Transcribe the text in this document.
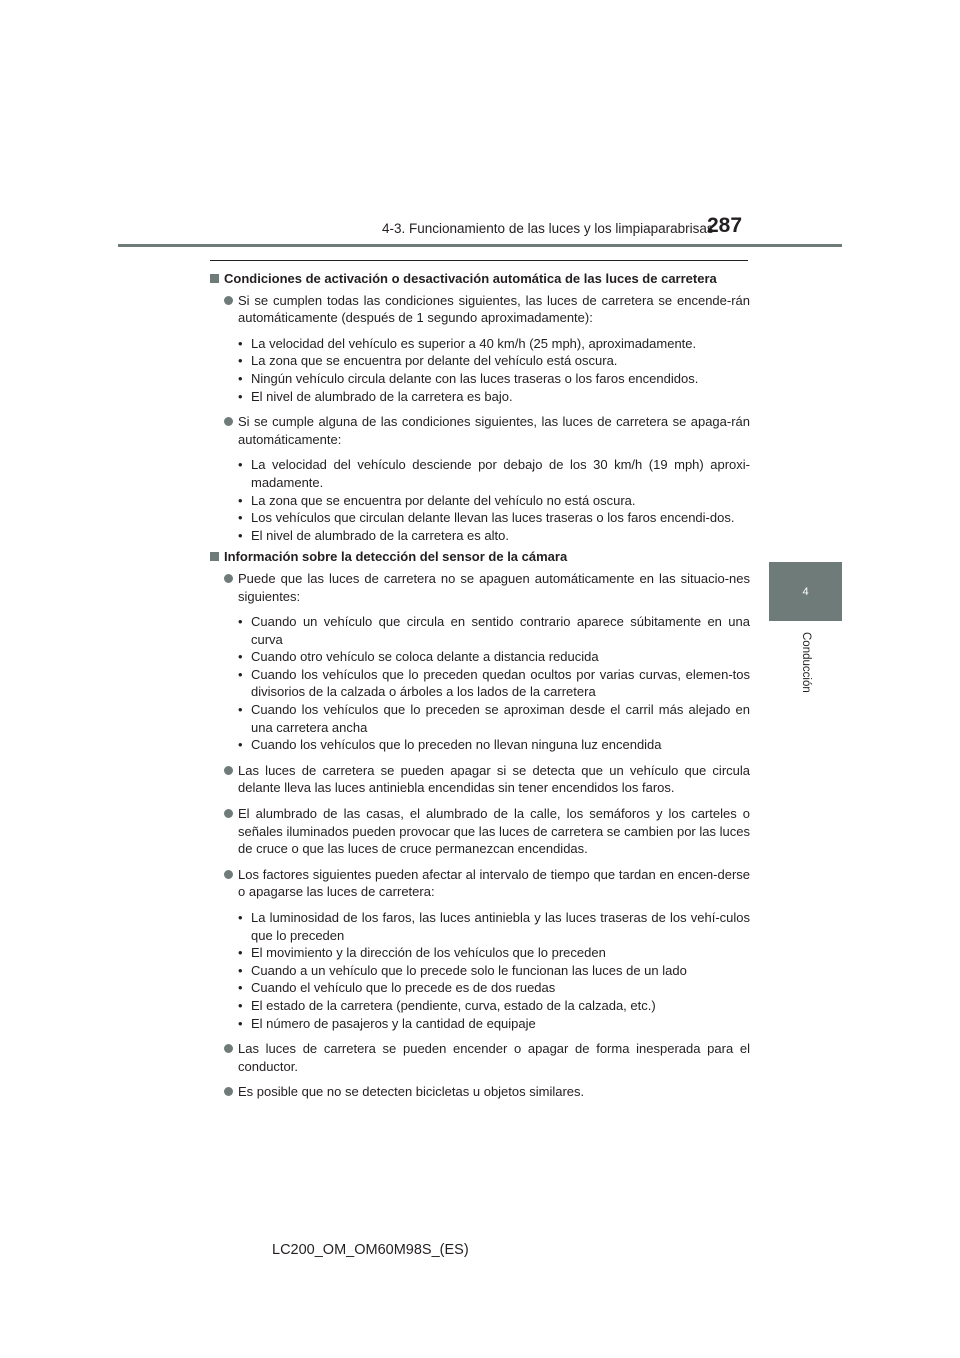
4-3. Funcionamiento de las luces y los limpiaparabrisas
287
4
Conducción
Condiciones de activación o desactivación automática de las luces de carretera
Si se cumplen todas las condiciones siguientes, las luces de carretera se encende-rán automáticamente (después de 1 segundo aproximadamente):
• La velocidad del vehículo es superior a 40 km/h (25 mph), aproximadamente.
• La zona que se encuentra por delante del vehículo está oscura.
• Ningún vehículo circula delante con las luces traseras o los faros encendidos.
• El nivel de alumbrado de la carretera es bajo.
Si se cumple alguna de las condiciones siguientes, las luces de carretera se apaga-rán automáticamente:
• La velocidad del vehículo desciende por debajo de los 30 km/h (19 mph) aproxi-madamente.
• La zona que se encuentra por delante del vehículo no está oscura.
• Los vehículos que circulan delante llevan las luces traseras o los faros encendi-dos.
• El nivel de alumbrado de la carretera es alto.
Información sobre la detección del sensor de la cámara
Puede que las luces de carretera no se apaguen automáticamente en las situacio-nes siguientes:
• Cuando un vehículo que circula en sentido contrario aparece súbitamente en una curva
• Cuando otro vehículo se coloca delante a distancia reducida
• Cuando los vehículos que lo preceden quedan ocultos por varias curvas, elemen-tos divisorios de la calzada o árboles a los lados de la carretera
• Cuando los vehículos que lo preceden se aproximan desde el carril más alejado en una carretera ancha
• Cuando los vehículos que lo preceden no llevan ninguna luz encendida
Las luces de carretera se pueden apagar si se detecta que un vehículo que circula delante lleva las luces antiniebla encendidas sin tener encendidos los faros.
El alumbrado de las casas, el alumbrado de la calle, los semáforos y los carteles o señales iluminados pueden provocar que las luces de carretera se cambien por las luces de cruce o que las luces de cruce permanezcan encendidas.
Los factores siguientes pueden afectar al intervalo de tiempo que tardan en encen-derse o apagarse las luces de carretera:
• La luminosidad de los faros, las luces antiniebla y las luces traseras de los vehí-culos que lo preceden
• El movimiento y la dirección de los vehículos que lo preceden
• Cuando a un vehículo que lo precede solo le funcionan las luces de un lado
• Cuando el vehículo que lo precede es de dos ruedas
• El estado de la carretera (pendiente, curva, estado de la calzada, etc.)
• El número de pasajeros y la cantidad de equipaje
Las luces de carretera se pueden encender o apagar de forma inesperada para el conductor.
Es posible que no se detecten bicicletas u objetos similares.
LC200_OM_OM60M98S_(ES)
